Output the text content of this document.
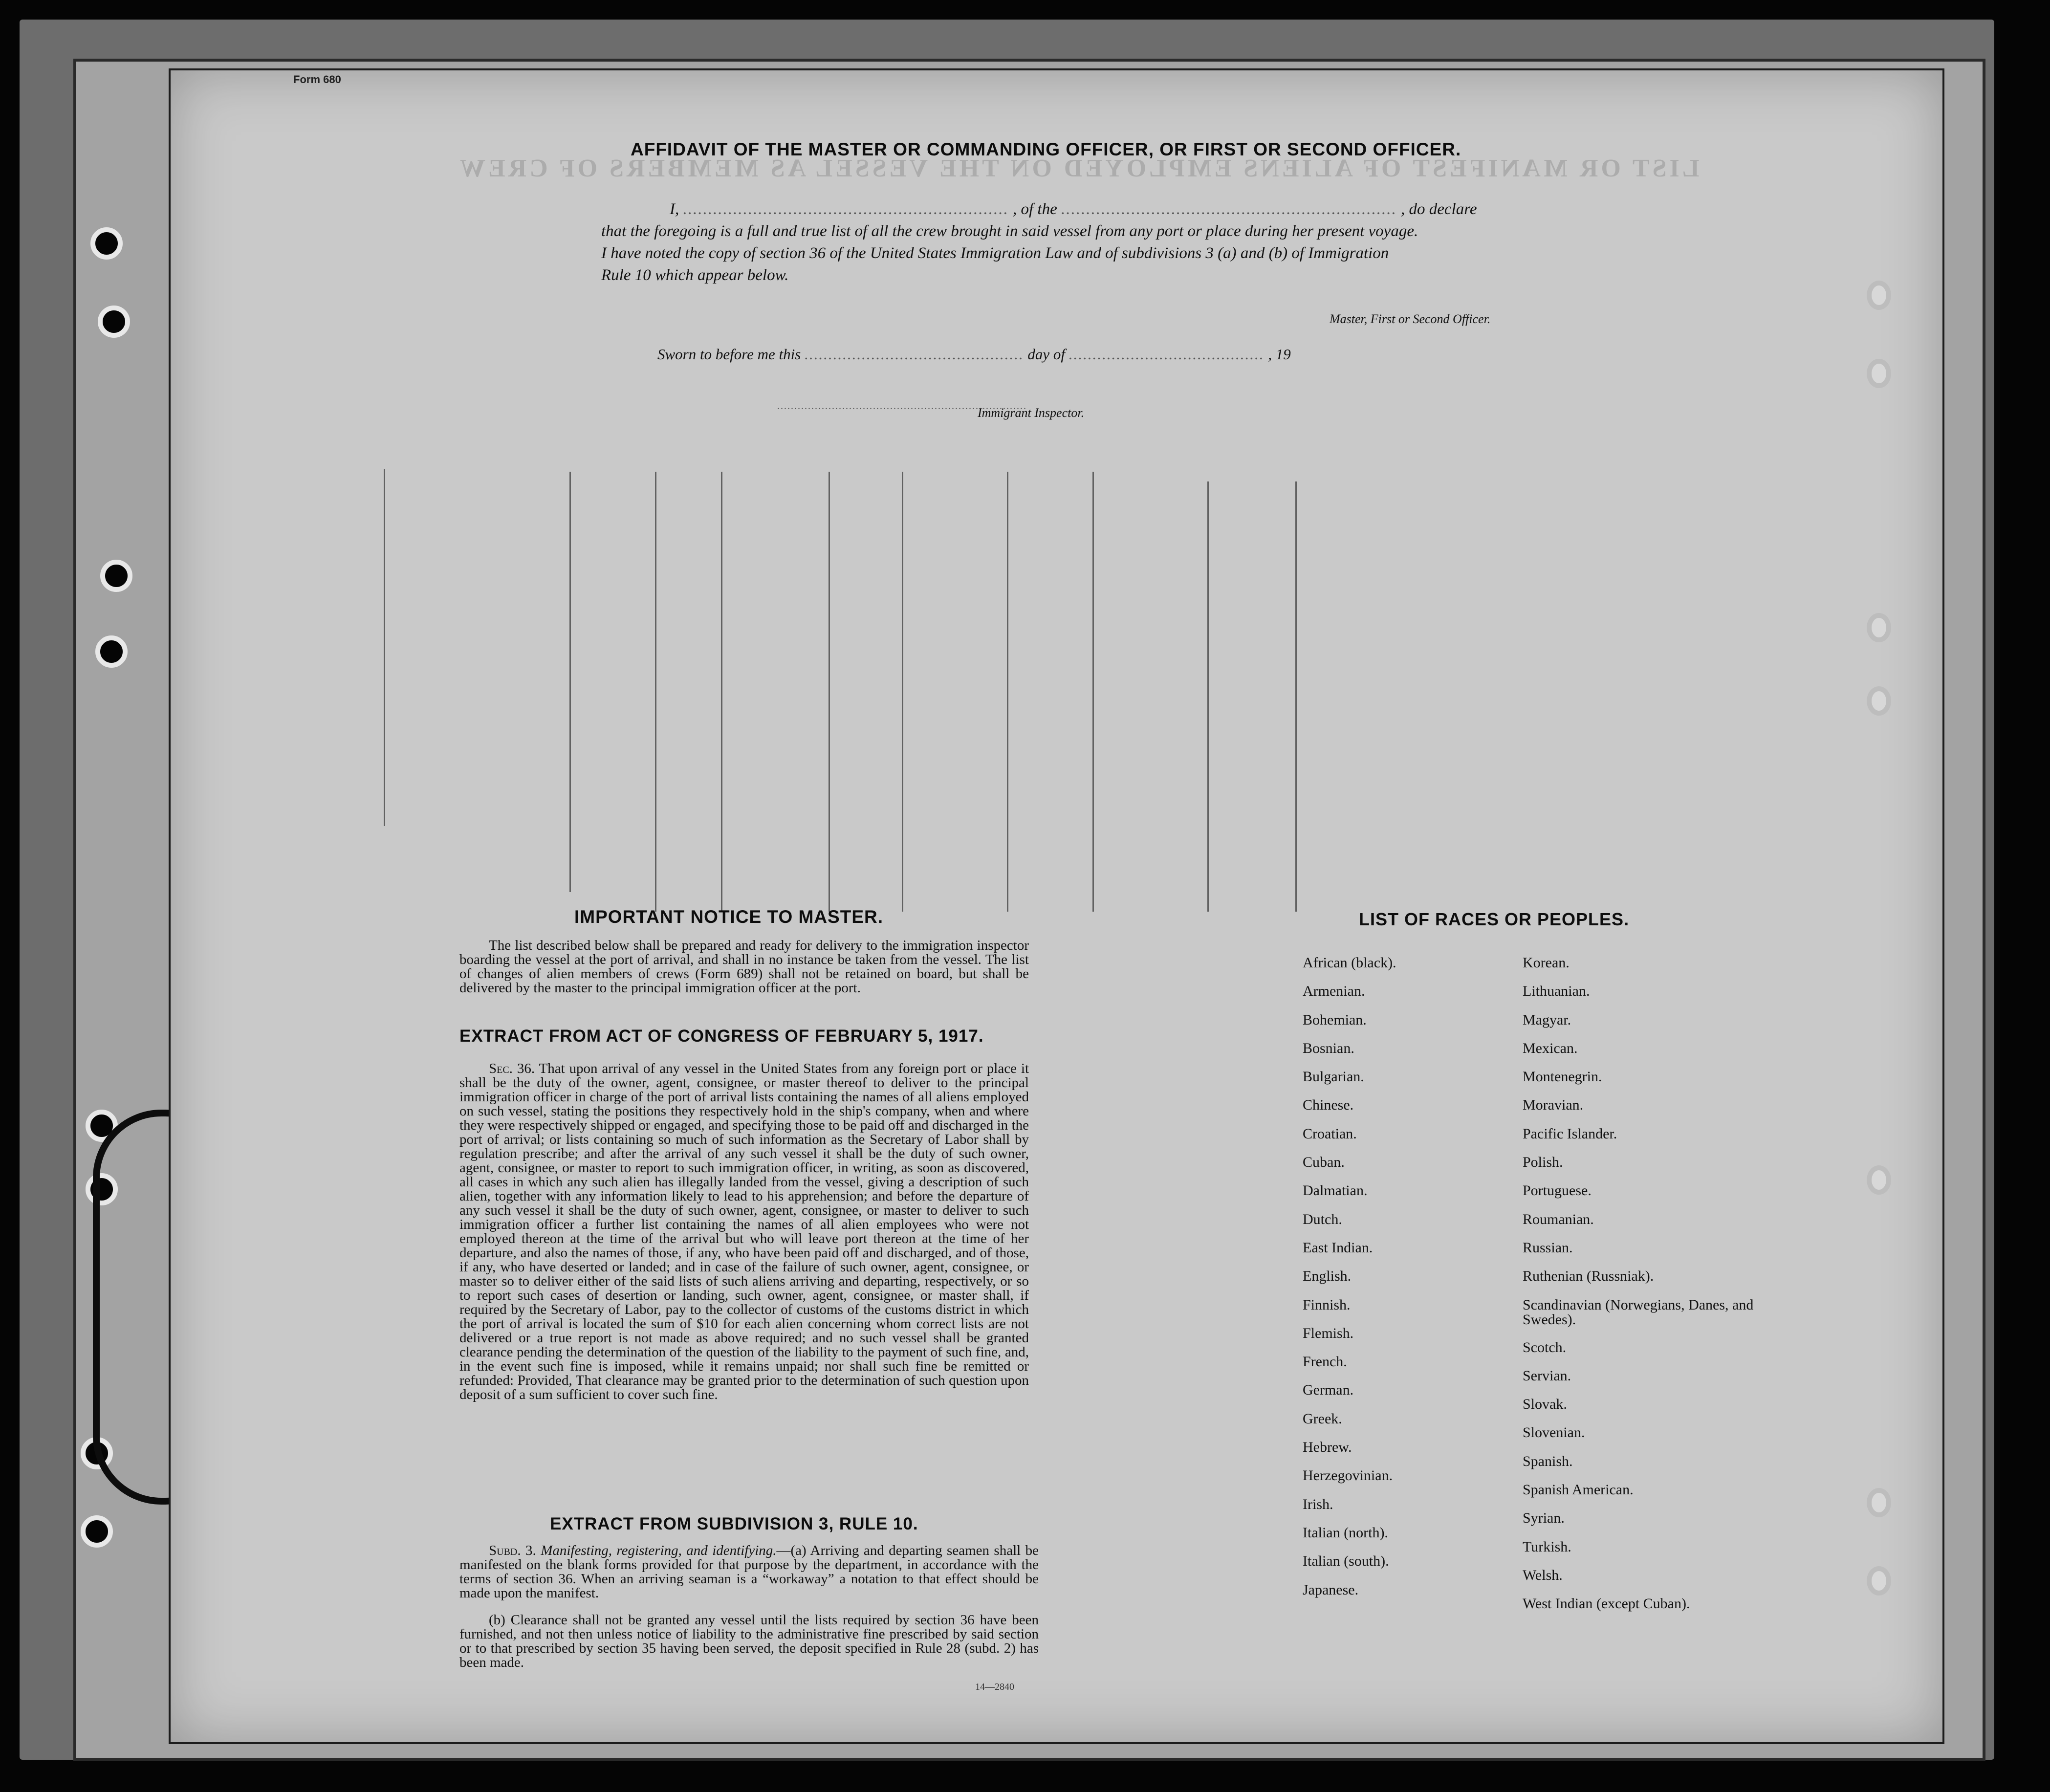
Form 680
LIST OR MANIFEST OF ALIENS EMPLOYED ON THE VESSEL AS MEMBERS OF CREW
AFFIDAVIT OF THE MASTER OR COMMANDING OFFICER, OR FIRST OR SECOND OFFICER.
I, ................................................................. , of the ................................................................... , do declare
that the foregoing is a full and true list of all the crew brought in said vessel from any port or place during her present voyage.
I have noted the copy of section 36 of the United States Immigration Law and of subdivisions 3 (a) and (b) of Immigration
Rule 10 which appear below.
Master, First or Second Officer.
Sworn to before me this .............................................. day of ......................................... , 19
.........................................................................
Immigrant Inspector.
IMPORTANT NOTICE TO MASTER.

The list described below shall be prepared and ready for delivery to the immigration inspector boarding the vessel at the port of arrival, and shall in no instance be taken from the vessel. The list of changes of alien members of crews (Form 689) shall not be retained on board, but shall be delivered by the master to the principal immigration officer at the port.

EXTRACT FROM ACT OF CONGRESS OF FEBRUARY 5, 1917.

Sec. 36. That upon arrival of any vessel in the United States from any foreign port or place it shall be the duty of the owner, agent, consignee, or master thereof to deliver to the principal immigration officer in charge of the port of arrival lists containing the names of all aliens employed on such vessel, stating the positions they respectively hold in the ship's company, when and where they were respectively shipped or engaged, and specifying those to be paid off and discharged in the port of arrival; or lists containing so much of such information as the Secretary of Labor shall by regulation prescribe; and after the arrival of any such vessel it shall be the duty of such owner, agent, consignee, or master to report to such immigration officer, in writing, as soon as discovered, all cases in which any such alien has illegally landed from the vessel, giving a description of such alien, together with any information likely to lead to his apprehension; and before the departure of any such vessel it shall be the duty of such owner, agent, consignee, or master to deliver to such immigration officer a further list containing the names of all alien employees who were not employed thereon at the time of the arrival but who will leave port thereon at the time of her departure, and also the names of those, if any, who have been paid off and discharged, and of those, if any, who have deserted or landed; and in case of the failure of such owner, agent, consignee, or master so to deliver either of the said lists of such aliens arriving and departing, respectively, or so to report such cases of desertion or landing, such owner, agent, consignee, or master shall, if required by the Secretary of Labor, pay to the collector of customs of the customs district in which the port of arrival is located the sum of $10 for each alien concerning whom correct lists are not delivered or a true report is not made as above required; and no such vessel shall be granted clearance pending the determination of the question of the liability to the payment of such fine, and, in the event such fine is imposed, while it remains unpaid; nor shall such fine be remitted or refunded: Provided, That clearance may be granted prior to the determination of such question upon deposit of a sum sufficient to cover such fine.

EXTRACT FROM SUBDIVISION 3, RULE 10.

Subd. 3. Manifesting, registering, and identifying.—(a) Arriving and departing seamen shall be manifested on the blank forms provided for that purpose by the department, in accordance with the terms of section 36. When an arriving seaman is a “workaway” a notation to that effect should be made upon the manifest.

(b) Clearance shall not be granted any vessel until the lists required by section 36 have been furnished, and not then unless notice of liability to the administrative fine prescribed by said section or to that prescribed by section 35 having been served, the deposit specified in Rule 28 (subd. 2) has been made.

14—2840
LIST OF RACES OR PEOPLES.
African (black).
Armenian.
Bohemian.
Bosnian.
Bulgarian.
Chinese.
Croatian.
Cuban.
Dalmatian.
Dutch.
East Indian.
English.
Finnish.
Flemish.
French.
German.
Greek.
Hebrew.
Herzegovinian.
Irish.
Italian (north).
Italian (south).
Japanese.
Korean.
Lithuanian.
Magyar.
Mexican.
Montenegrin.
Moravian.
Pacific Islander.
Polish.
Portuguese.
Roumanian.
Russian.
Ruthenian (Russniak).
Scandinavian (Norwegians, Danes, and Swedes).
Scotch.
Servian.
Slovak.
Slovenian.
Spanish.
Spanish American.
Syrian.
Turkish.
Welsh.
West Indian (except Cuban).
